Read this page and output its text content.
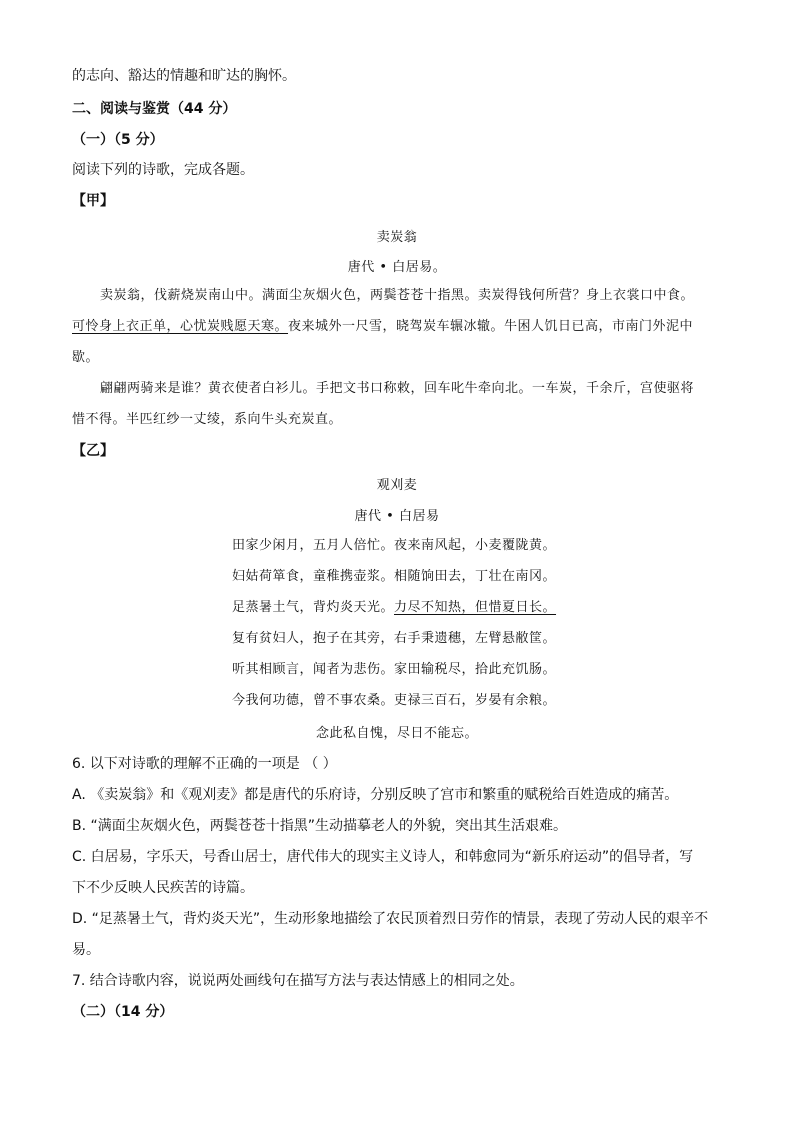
的志向、豁达的情趣和旷达的胸怀。
二、阅读与鉴赏（44 分）
（一）（5 分）
阅读下列的诗歌，完成各题。
【甲】
卖炭翁
唐代 • 白居易。
卖炭翁，伐薪烧炭南山中。满面尘灰烟火色，两鬓苍苍十指黑。卖炭得钱何所营？身上衣裳口中食。
可怜身上衣正单，心忧炭贱愿天寒。夜来城外一尺雪，晓驾炭车辗冰辙。牛困人饥日已高，市南门外泥中
歇。
翩翩两骑来是谁？黄衣使者白衫儿。手把文书口称敕，回车叱牛牵向北。一车炭，千余斤，宫使驱将
惜不得。半匹红纱一丈绫，系向牛头充炭直。
【乙】
观刈麦
唐代 • 白居易
田家少闲月，五月人倍忙。夜来南风起，小麦覆陇黄。
妇姑荷箪食，童稚携壶浆。相随饷田去，丁壮在南冈。
足蒸暑土气，背灼炎天光。力尽不知热，但惜夏日长。
复有贫妇人，抱子在其旁，右手秉遗穗，左臂悬敝筐。
听其相顾言，闻者为悲伤。家田输税尽，拾此充饥肠。
今我何功德，曾不事农桑。吏禄三百石，岁晏有余粮。
念此私自愧，尽日不能忘。
6. 以下对诗歌的理解不正确的一项是 （ ）
A. 《卖炭翁》和《观刈麦》都是唐代的乐府诗，分别反映了宫市和繁重的赋税给百姓造成的痛苦。
B. “满面尘灰烟火色，两鬓苍苍十指黑”生动描摹老人的外貌，突出其生活艰难。
C. 白居易，字乐天，号香山居士，唐代伟大的现实主义诗人，和韩愈同为“新乐府运动”的倡导者，写
下不少反映人民疾苦的诗篇。
D. “足蒸暑土气，背灼炎天光”，生动形象地描绘了农民顶着烈日劳作的情景，表现了劳动人民的艰辛不
易。
7. 结合诗歌内容，说说两处画线句在描写方法与表达情感上的相同之处。
（二）（14 分）
